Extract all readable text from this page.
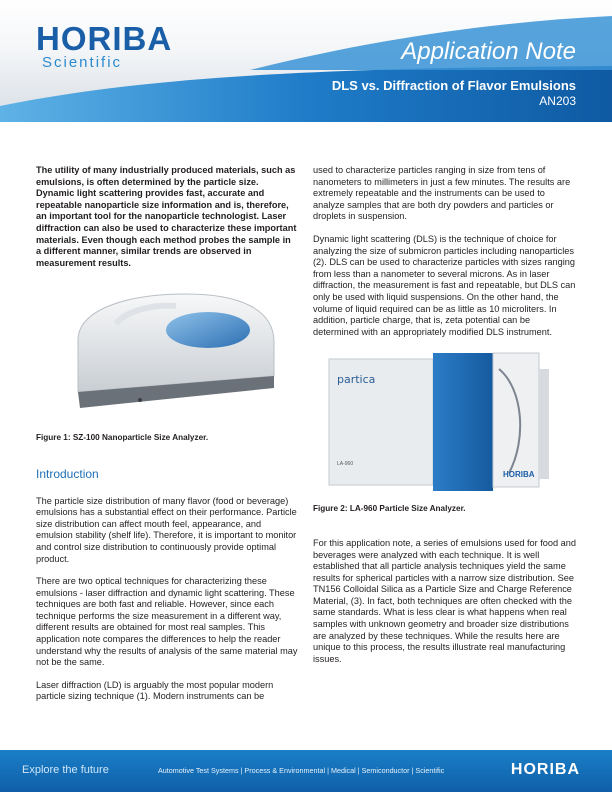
HORIBA
Scientific	Application Note
DLS vs. Diffraction of Flavor Emulsions
AN203

The utility of many industrially produced materials, such as emulsions, is often determined by the particle size. Dynamic light scattering provides fast, accurate and repeatable nanoparticle size information and is, therefore, an important tool for the nanoparticle technologist. Laser diffraction can also be used to characterize these important materials. Even though each method probes the sample in a different manner, similar trends are observed in measurement results.

Figure 1: SZ-100 Nanoparticle Size Analyzer.

Introduction

The particle size distribution of many flavor (food or beverage) emulsions has a substantial effect on their performance. Particle size distribution can affect mouth feel, appearance, and emulsion stability (shelf life). Therefore, it is important to monitor and control size distribution to continuously provide optimal product.

There are two optical techniques for characterizing these emulsions - laser diffraction and dynamic light scattering. These techniques are both fast and reliable. However, since each technique performs the size measurement in a different way, different results are obtained for most real samples. This application note compares the differences to help the reader understand why the results of analysis of the same material may not be the same.

Laser diffraction (LD) is arguably the most popular modern particle sizing technique (1). Modern instruments can be

used to characterize particles ranging in size from tens of nanometers to millimeters in just a few minutes. The results are extremely repeatable and the instruments can be used to analyze samples that are both dry powders and particles or droplets in suspension.

Dynamic light scattering (DLS) is the technique of choice for analyzing the size of submicron particles including nanoparticles (2). DLS can be used to characterize particles with sizes ranging from less than a nanometer to several microns. As in laser diffraction, the measurement is fast and repeatable, but DLS can only be used with liquid suspensions. On the other hand, the volume of liquid required can be as little as 10 microliters. In addition, particle charge, that is, zeta potential can be determined with an appropriately modified DLS instrument.

partica
HORIBA
LA-960

Figure 2: LA-960 Particle Size Analyzer.

For this application note, a series of emulsions used for food and beverages were analyzed with each technique. It is well established that all particle analysis techniques yield the same results for spherical particles with a narrow size distribution. See TN156 Colloidal Silica as a Particle Size and Charge Reference Material, (3). In fact, both techniques are often checked with the same standards. What is less clear is what happens when real samples with unknown geometry and broader size distributions are analyzed by these techniques. While the results here are unique to this process, the results illustrate real manufacturing issues.

Explore the future	Automotive Test Systems | Process & Environmental | Medical | Semiconductor | Scientific	HORIBA
